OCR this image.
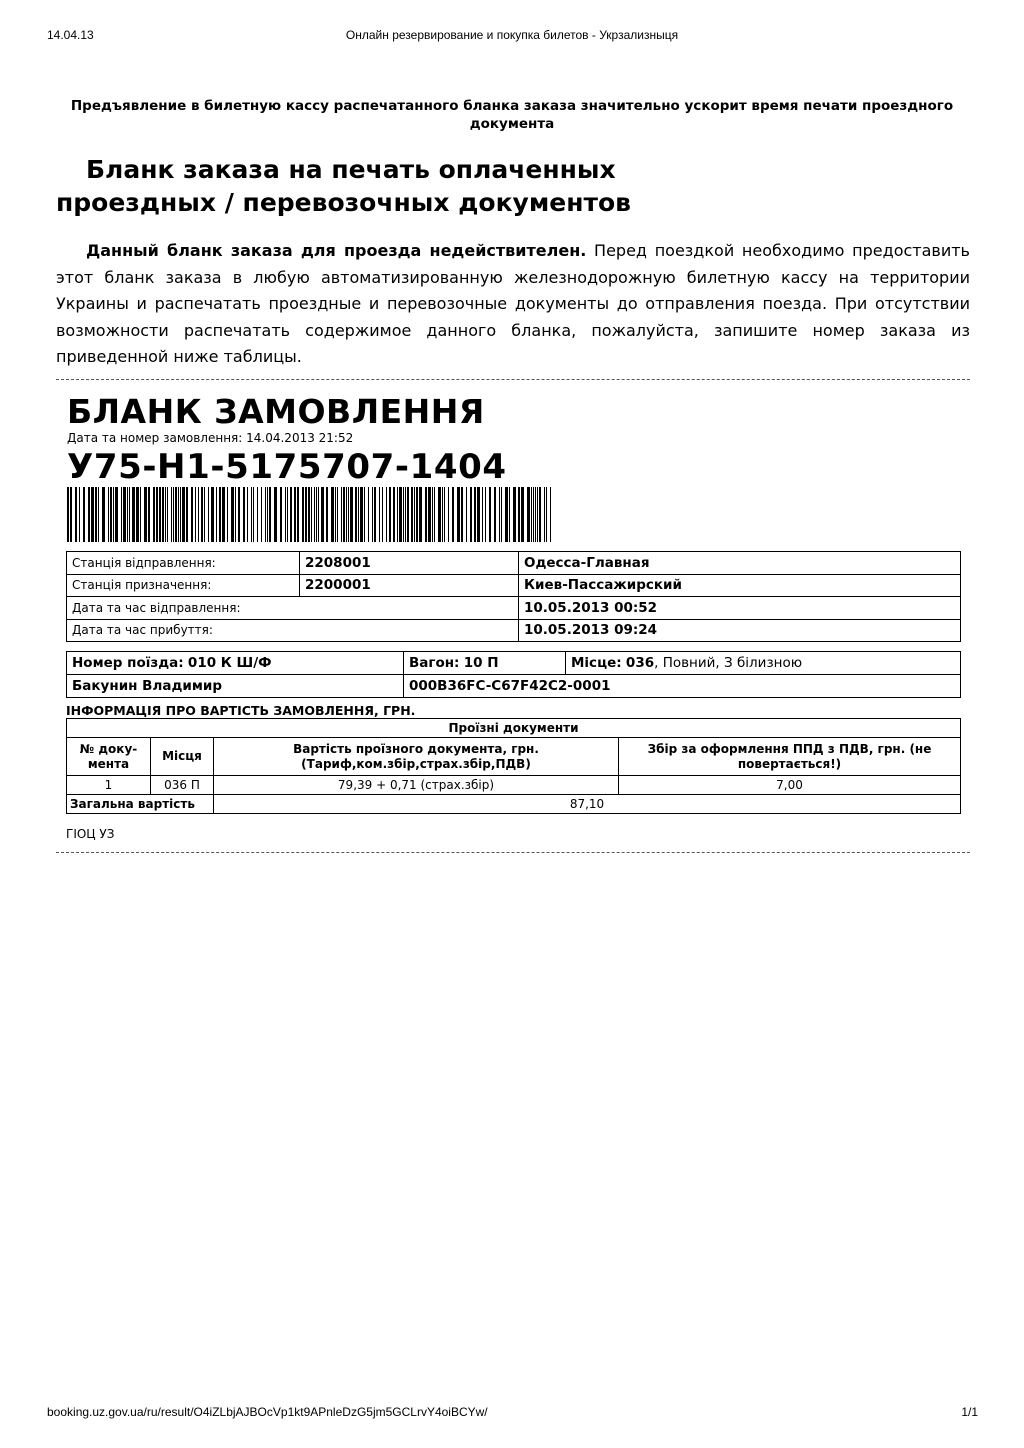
14.04.13	Онлайн резервирование и покупка билетов - Укрзализныця
Предъявление в билетную кассу распечатанного бланка заказа значительно ускорит время печати проездного документа
Бланк заказа на печать оплаченных
проездных / перевозочных документов

Данный бланк заказа для проезда недействителен. Перед поездкой необходимо предоставить этот бланк заказа в любую автоматизированную железнодорожную билетную кассу на территории Украины и распечатать проездные и перевозочные документы до отправления поезда. При отсутствии возможности распечатать содержимое данного бланка, пожалуйста, запишите номер заказа из приведенной ниже таблицы.

БЛАНК ЗАМОВЛЕННЯ
Дата та номер замовлення: 14.04.2013 21:52
У75-Н1-5175707-1404
Станція відправлення:	2208001	Одесса-Главная
Станція призначення:	2200001	Киев-Пассажирский
Дата та час відправлення:		10.05.2013 00:52
Дата та час прибуття:		10.05.2013 09:24
Номер поїзда: 010 К Ш/Ф	Вагон: 10 П	Місце: 036, Повний, З білизною
Бакунин Владимир	000B36FC-C67F42C2-0001	
ІНФОРМАЦІЯ ПРО ВАРТІСТЬ ЗАМОВЛЕННЯ, ГРН.
Проїзні документи			
№ доку-
мента	Місця	Вартість проїзного документа, грн.
(Тариф,ком.збір,страх.збір,ПДВ)	Збір за оформлення ППД з ПДВ, грн. (не
повертається!)
1	036 П	79,39 + 0,71 (страх.збір)	7,00
Загальна вартість		87,10	
ГІОЦ УЗ
booking.uz.gov.ua/ru/result/O4iZLbjAJBOcVp1kt9APnleDzG5jm5GCLrvY4oiBCYw/	1/1
